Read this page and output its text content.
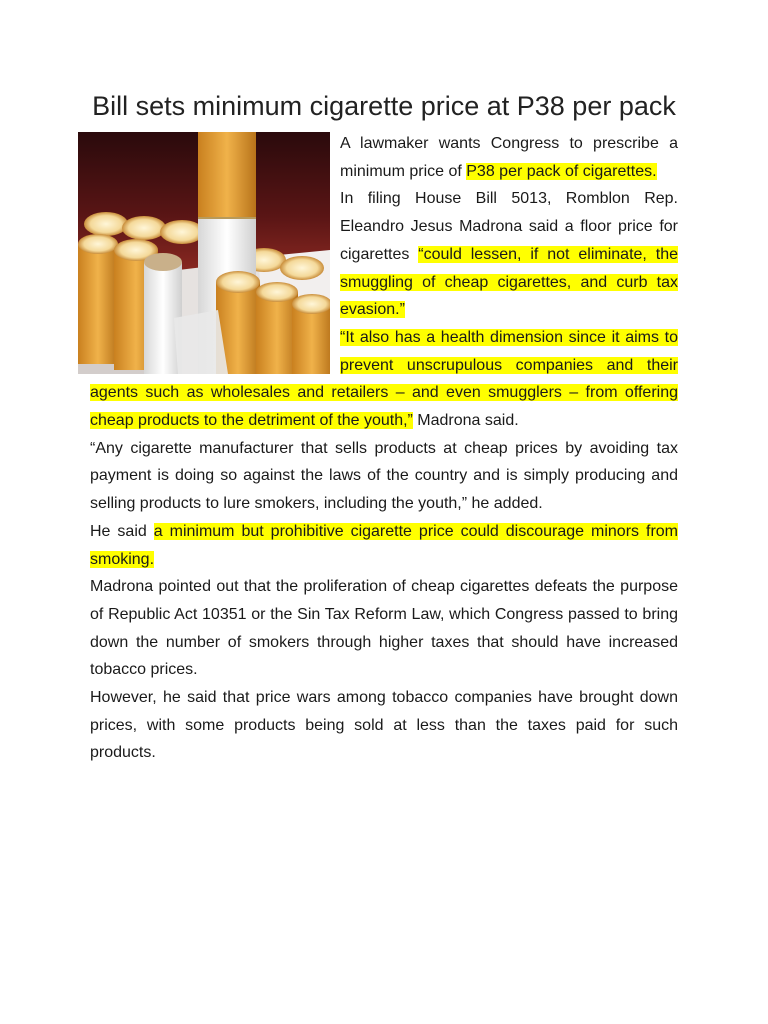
Bill sets minimum cigarette price at P38 per pack

A lawmaker wants Congress to prescribe a minimum price of P38 per pack of cigarettes.

In filing House Bill 5013, Romblon Rep. Eleandro Jesus Madrona said a floor price for cigarettes “could lessen, if not eliminate, the smuggling of cheap cigarettes, and curb tax evasion.”

“It also has a health dimension since it aims to prevent unscrupulous companies and their agents such as wholesales and retailers – and even smugglers – from offering cheap products to the detriment of the youth,” Madrona said.

“Any cigarette manufacturer that sells products at cheap prices by avoiding tax payment is doing so against the laws of the country and is simply producing and selling products to lure smokers, including the youth,” he added.

He said a minimum but prohibitive cigarette price could discourage minors from smoking.

Madrona pointed out that the proliferation of cheap cigarettes defeats the purpose of Republic Act 10351 or the Sin Tax Reform Law, which Congress passed to bring down the number of smokers through higher taxes that should have increased tobacco prices.

However, he said that price wars among tobacco companies have brought down prices, with some products being sold at less than the taxes paid for such products.
